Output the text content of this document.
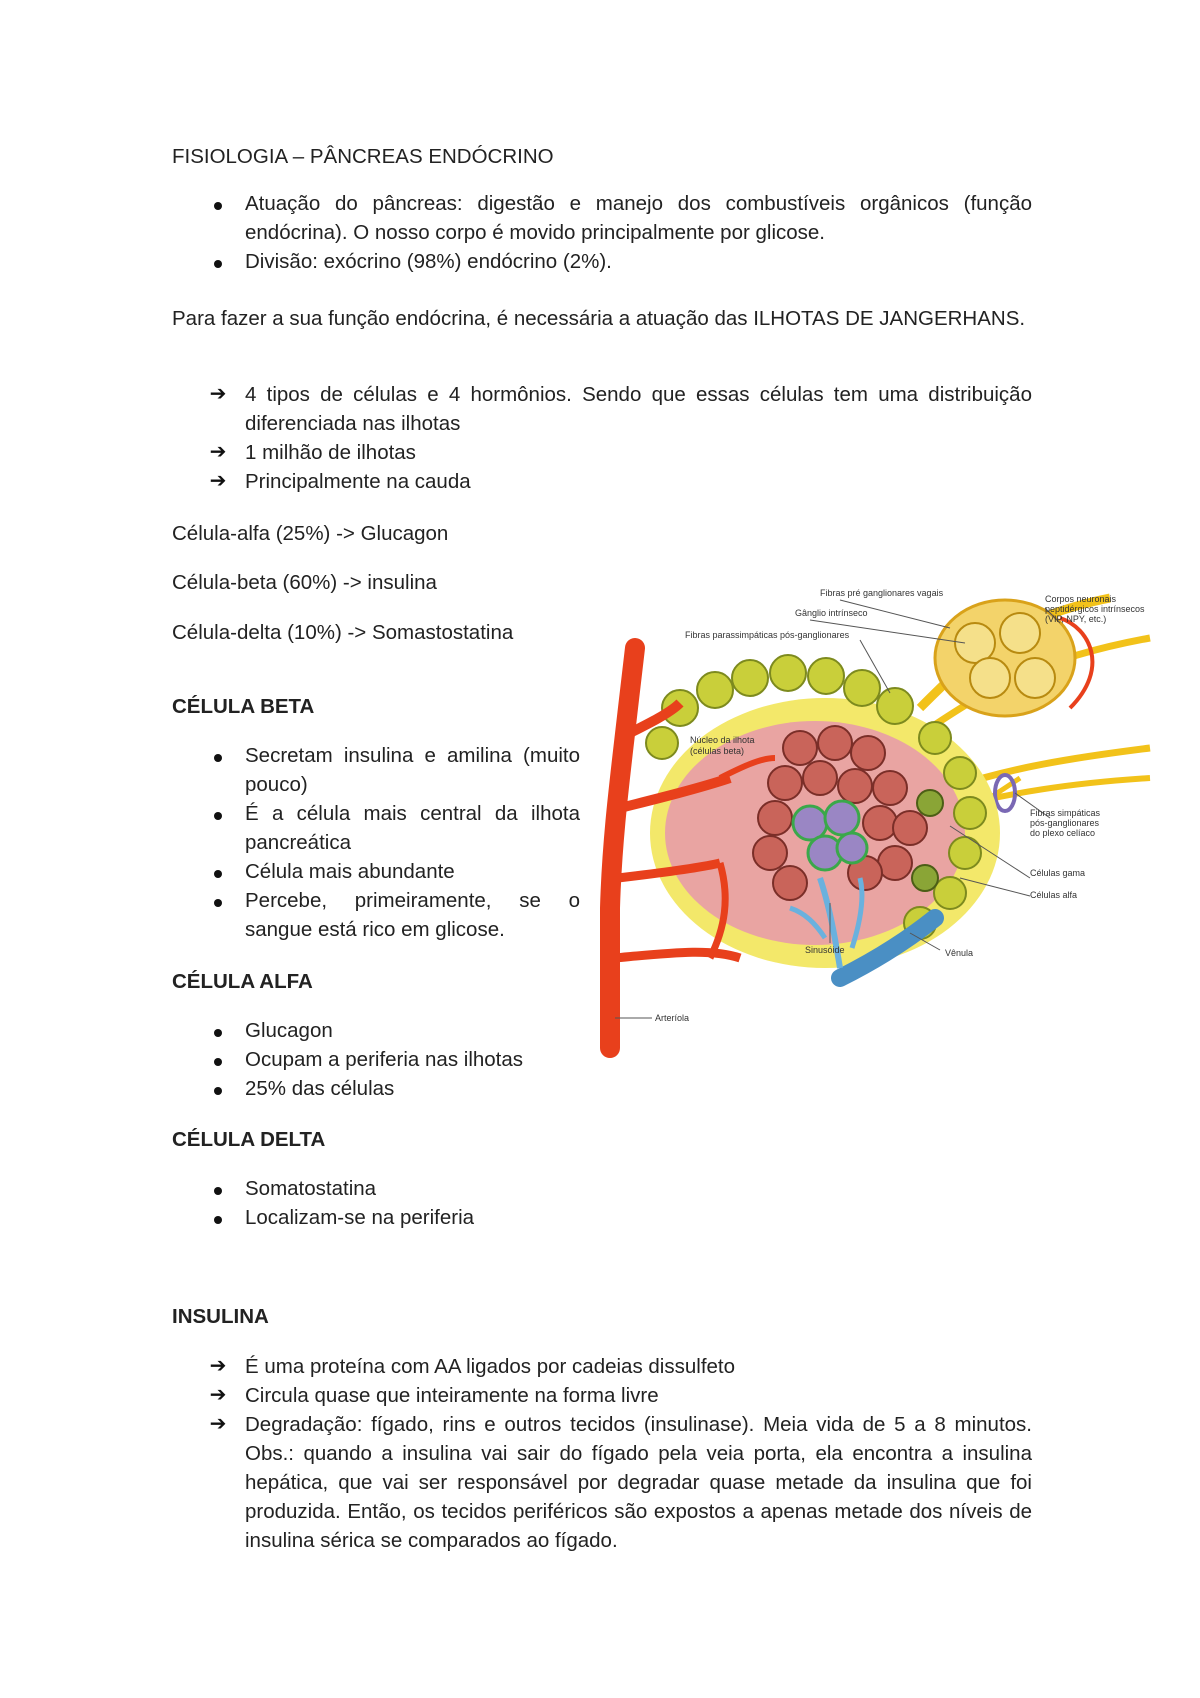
FISIOLOGIA – PÂNCREAS ENDÓCRINO
Atuação do pâncreas: digestão e manejo dos combustíveis orgânicos (função endócrina). O nosso corpo é movido principalmente por glicose.
Divisão: exócrino (98%) endócrino (2%).

Para fazer a sua função endócrina, é necessária a atuação das ILHOTAS DE JANGERHANS.

➔ 4 tipos de células e 4 hormônios. Sendo que essas células tem uma distribuição diferenciada nas ilhotas
➔ 1 milhão de ilhotas
➔ Principalmente na cauda

Célula-alfa (25%) -> Glucagon

Célula-beta (60%) -> insulina

Célula-delta (10%) -> Somastostatina

CÉLULA BETA
Secretam insulina e amilina (muito pouco)
É a célula mais central da ilhota pancreática
Célula mais abundante
Percebe, primeiramente, se o sangue está rico em glicose.
CÉLULA ALFA
Glucagon
Ocupam a periferia nas ilhotas
25% das células
CÉLULA DELTA
Somatostatina
Localizam-se na periferia
INSULINA
➔ É uma proteína com AA ligados por cadeias dissulfeto
➔ Circula quase que inteiramente na forma livre
➔ Degradação: fígado, rins e outros tecidos (insulinase). Meia vida de 5 a 8 minutos. Obs.: quando a insulina vai sair do fígado pela veia porta, ela encontra a insulina hepática, que vai ser responsável por degradar quase metade da insulina que foi produzida. Então, os tecidos periféricos são expostos a apenas metade dos níveis de insulina sérica se comparados ao fígado.
Fibras pré ganglionares vagais
Gânglio intrínseco
Fibras parassimpáticas pós-ganglionares
Corpos neuronais
peptidérgicos intrínsecos
(VIP, NPY, etc.)
Núcleo da ilhota
(células beta)
Fibras simpáticas
pós-ganglionares
do plexo celíaco
Células gama
Células alfa
Sinusóide	Vênula
Arteríola
